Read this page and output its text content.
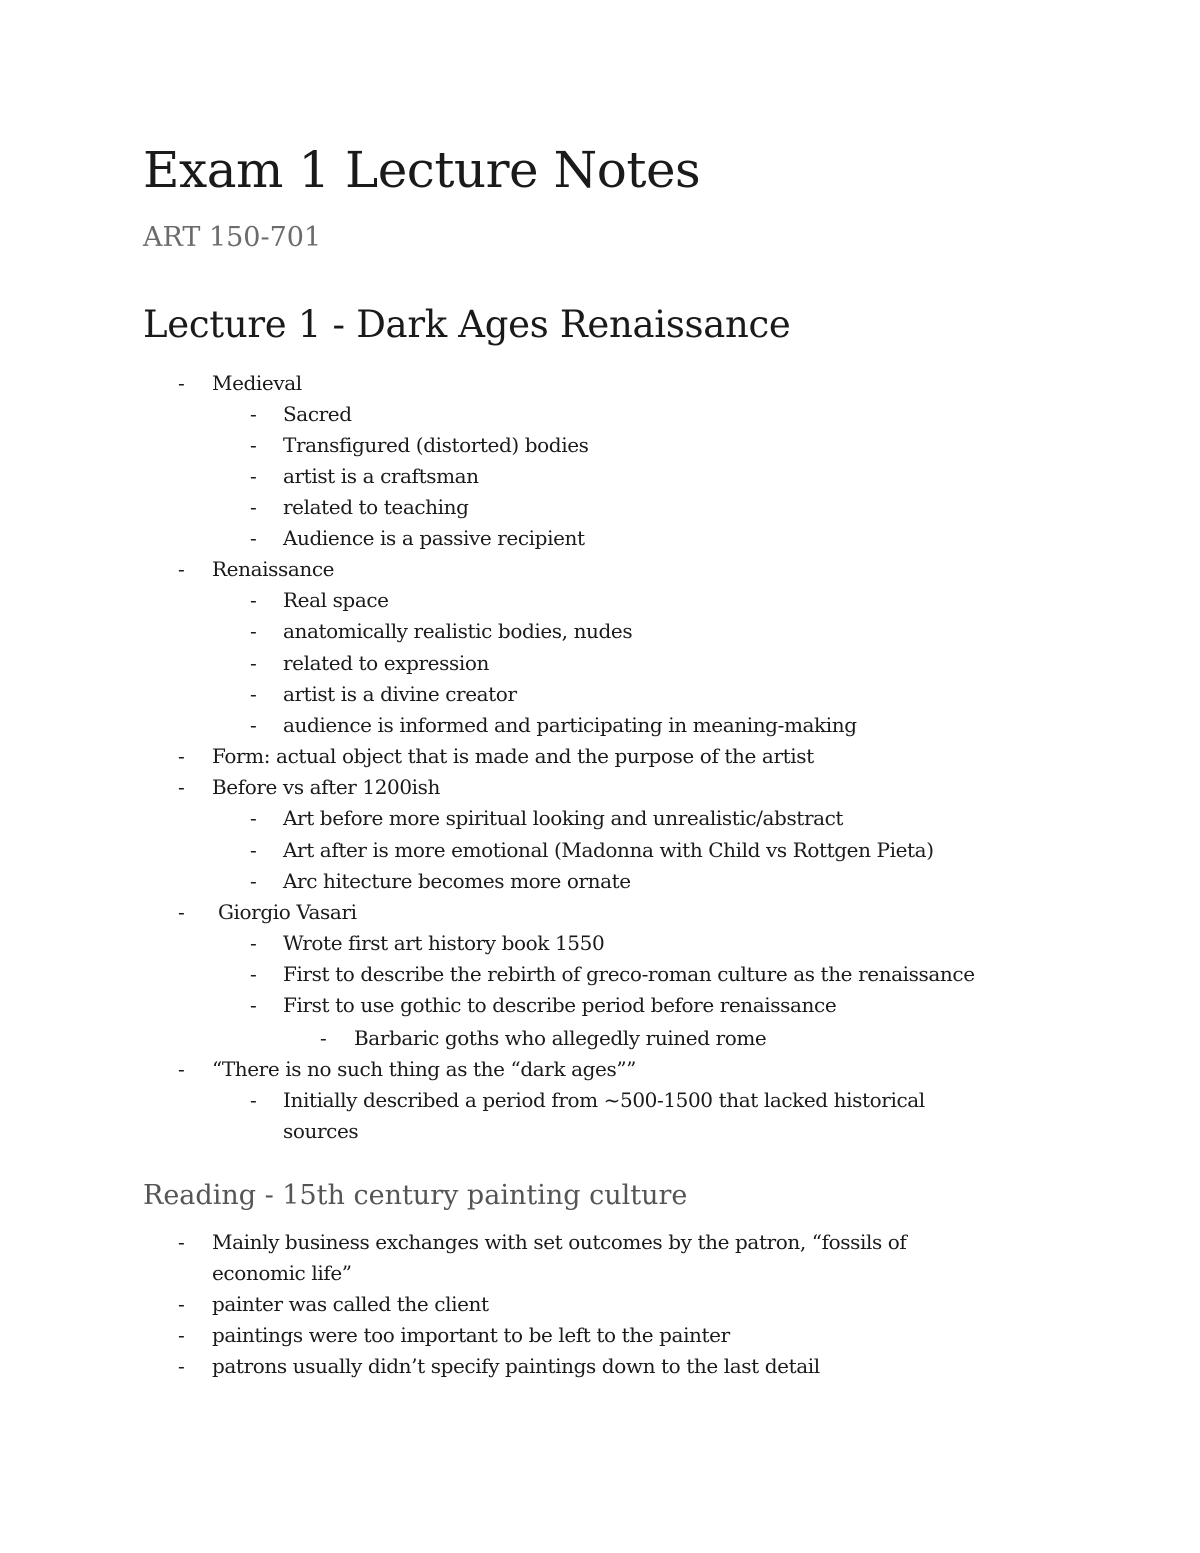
Exam 1 Lecture Notes
ART 150-701
Lecture 1 - Dark Ages Renaissance
- Medieval
- Sacred
- Transfigured (distorted) bodies
- artist is a craftsman
- related to teaching
- Audience is a passive recipient
- Renaissance
- Real space
- anatomically realistic bodies, nudes
- related to expression
- artist is a divine creator
- audience is informed and participating in meaning-making
- Form: actual object that is made and the purpose of the artist
- Before vs after 1200ish
- Art before more spiritual looking and unrealistic/abstract
- Art after is more emotional (Madonna with Child vs Rottgen Pieta)
- Arc hitecture becomes more ornate
- Giorgio Vasari
- Wrote first art history book 1550
- First to describe the rebirth of greco-roman culture as the renaissance
- First to use gothic to describe period before renaissance
- Barbaric goths who allegedly ruined rome
- “There is no such thing as the “dark ages””
- Initially described a period from ~500-1500 that lacked historical
sources
Reading - 15th century painting culture
- Mainly business exchanges with set outcomes by the patron, “fossils of
economic life”
- painter was called the client
- paintings were too important to be left to the painter
- patrons usually didn’t specify paintings down to the last detail
